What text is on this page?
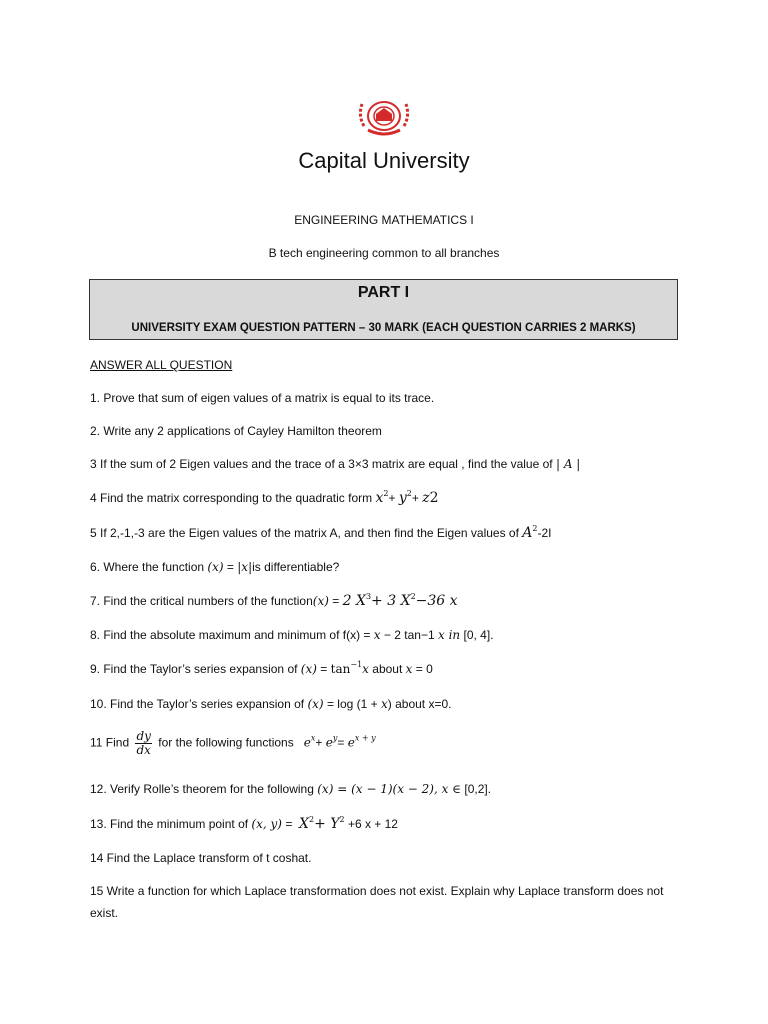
Capital University
ENGINEERING MATHEMATICS I
B tech engineering common to all branches
PART I
UNIVERSITY EXAM QUESTION PATTERN – 30 MARK (EACH QUESTION CARRIES 2 MARKS)
ANSWER ALL QUESTION
1. Prove that sum of eigen values of a matrix is equal to its trace.
2. Write any 2 applications of Cayley Hamilton theorem
3 If the sum of 2 Eigen values and the trace of a 3×3 matrix are equal , find the value of | A |
4 Find the matrix corresponding to the quadratic form $x^2+ y^2+ z2$
5 If 2,-1,-3 are the Eigen values of the matrix A, and then find the Eigen values of $A^2-2I$
6. Where the function (x) = |x|is differentiable?
7. Find the critical numbers of the function(x) = 2 $X^3+ 3$ $X^2-36$ x
8. Find the absolute maximum and minimum of f(x) = x − 2 tan−1 x in [0, 4].
9. Find the Taylor’s series expansion of $(x) = \tan^{-1}x$ about x = 0
10. Find the Taylor’s series expansion of (x) = log (1 + x) about x=0.
11 Find $\frac{dy}{dx}$ for the following functions $e^x+ e^y= e^{x + y}$
12. Verify Rolle’s theorem for the following (x) = (x − 1)(x − 2), x ∈ [0,2].
13. Find the minimum point of (x, $y) = X^2+ Y^2 +6$ x + 12
14 Find the Laplace transform of t coshat.
15 Write a function for which Laplace transformation does not exist. Explain why Laplace transform does not exist.
